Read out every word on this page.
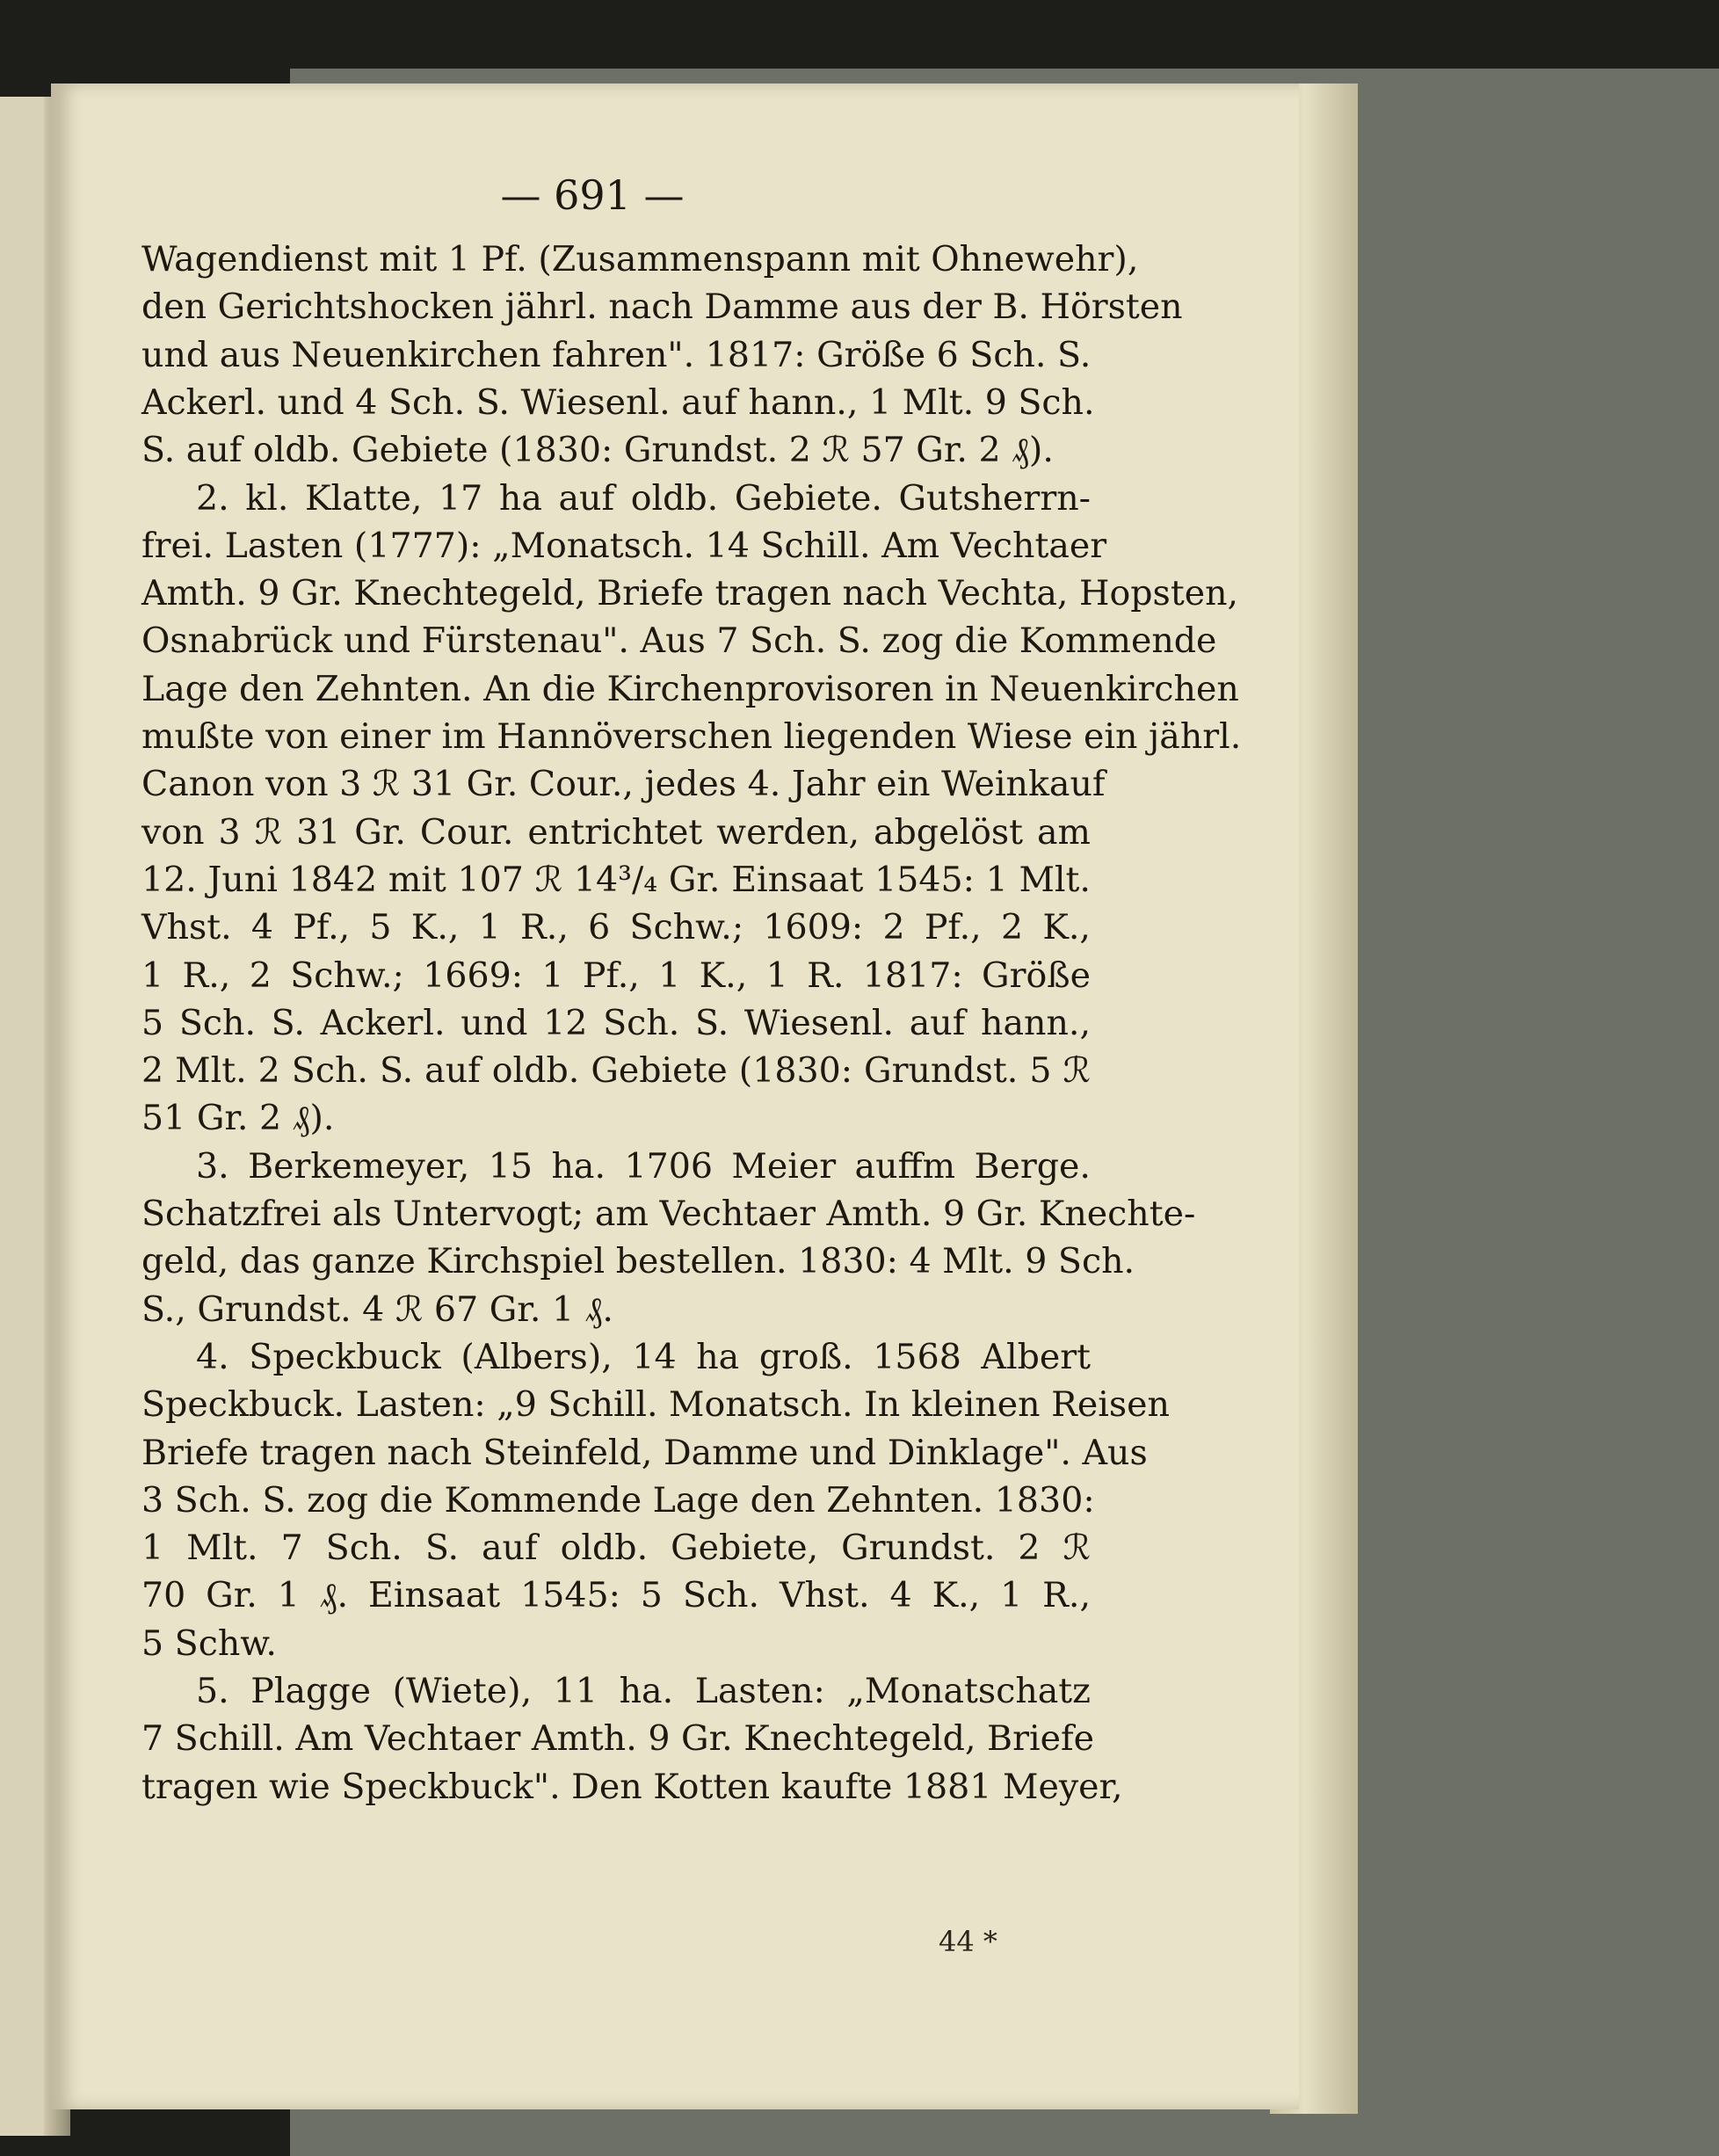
— 691 —

Wagendienst mit 1 Pf. (Zusammenspann mit Ohnewehr),

den Gerichtshocken jährl. nach Damme aus der B. Hörsten

und aus Neuenkirchen fahren". 1817: Größe 6 Sch. S.

Ackerl. und 4 Sch. S. Wiesenl. auf hann., 1 Mlt. 9 Sch.

S. auf oldb. Gebiete (1830: Grundst. 2 ℛ 57 Gr. 2 ₰).

2. kl. Klatte, 17 ha auf oldb. Gebiete. Gutsherrn-

frei. Lasten (1777): „Monatsch. 14 Schill. Am Vechtaer

Amth. 9 Gr. Knechtegeld, Briefe tragen nach Vechta, Hopsten,

Osnabrück und Fürstenau". Aus 7 Sch. S. zog die Kommende

Lage den Zehnten. An die Kirchenprovisoren in Neuenkirchen

mußte von einer im Hannöverschen liegenden Wiese ein jährl.

Canon von 3 ℛ 31 Gr. Cour., jedes 4. Jahr ein Weinkauf

von 3 ℛ 31 Gr. Cour. entrichtet werden, abgelöst am

12. Juni 1842 mit 107 ℛ 14³/₄ Gr. Einsaat 1545: 1 Mlt.

Vhst. 4 Pf., 5 K., 1 R., 6 Schw.; 1609: 2 Pf., 2 K.,

1 R., 2 Schw.; 1669: 1 Pf., 1 K., 1 R. 1817: Größe

5 Sch. S. Ackerl. und 12 Sch. S. Wiesenl. auf hann.,

2 Mlt. 2 Sch. S. auf oldb. Gebiete (1830: Grundst. 5 ℛ

51 Gr. 2 ₰).

3. Berkemeyer, 15 ha. 1706 Meier auffm Berge.

Schatzfrei als Untervogt; am Vechtaer Amth. 9 Gr. Knechte-

geld, das ganze Kirchspiel bestellen. 1830: 4 Mlt. 9 Sch.

S., Grundst. 4 ℛ 67 Gr. 1 ₰.

4. Speckbuck (Albers), 14 ha groß. 1568 Albert

Speckbuck. Lasten: „9 Schill. Monatsch. In kleinen Reisen

Briefe tragen nach Steinfeld, Damme und Dinklage". Aus

3 Sch. S. zog die Kommende Lage den Zehnten. 1830:

1 Mlt. 7 Sch. S. auf oldb. Gebiete, Grundst. 2 ℛ

70 Gr. 1 ₰. Einsaat 1545: 5 Sch. Vhst. 4 K., 1 R.,

5 Schw.

5. Plagge (Wiete), 11 ha. Lasten: „Monatschatz

7 Schill. Am Vechtaer Amth. 9 Gr. Knechtegeld, Briefe

tragen wie Speckbuck". Den Kotten kaufte 1881 Meyer,

44 *
